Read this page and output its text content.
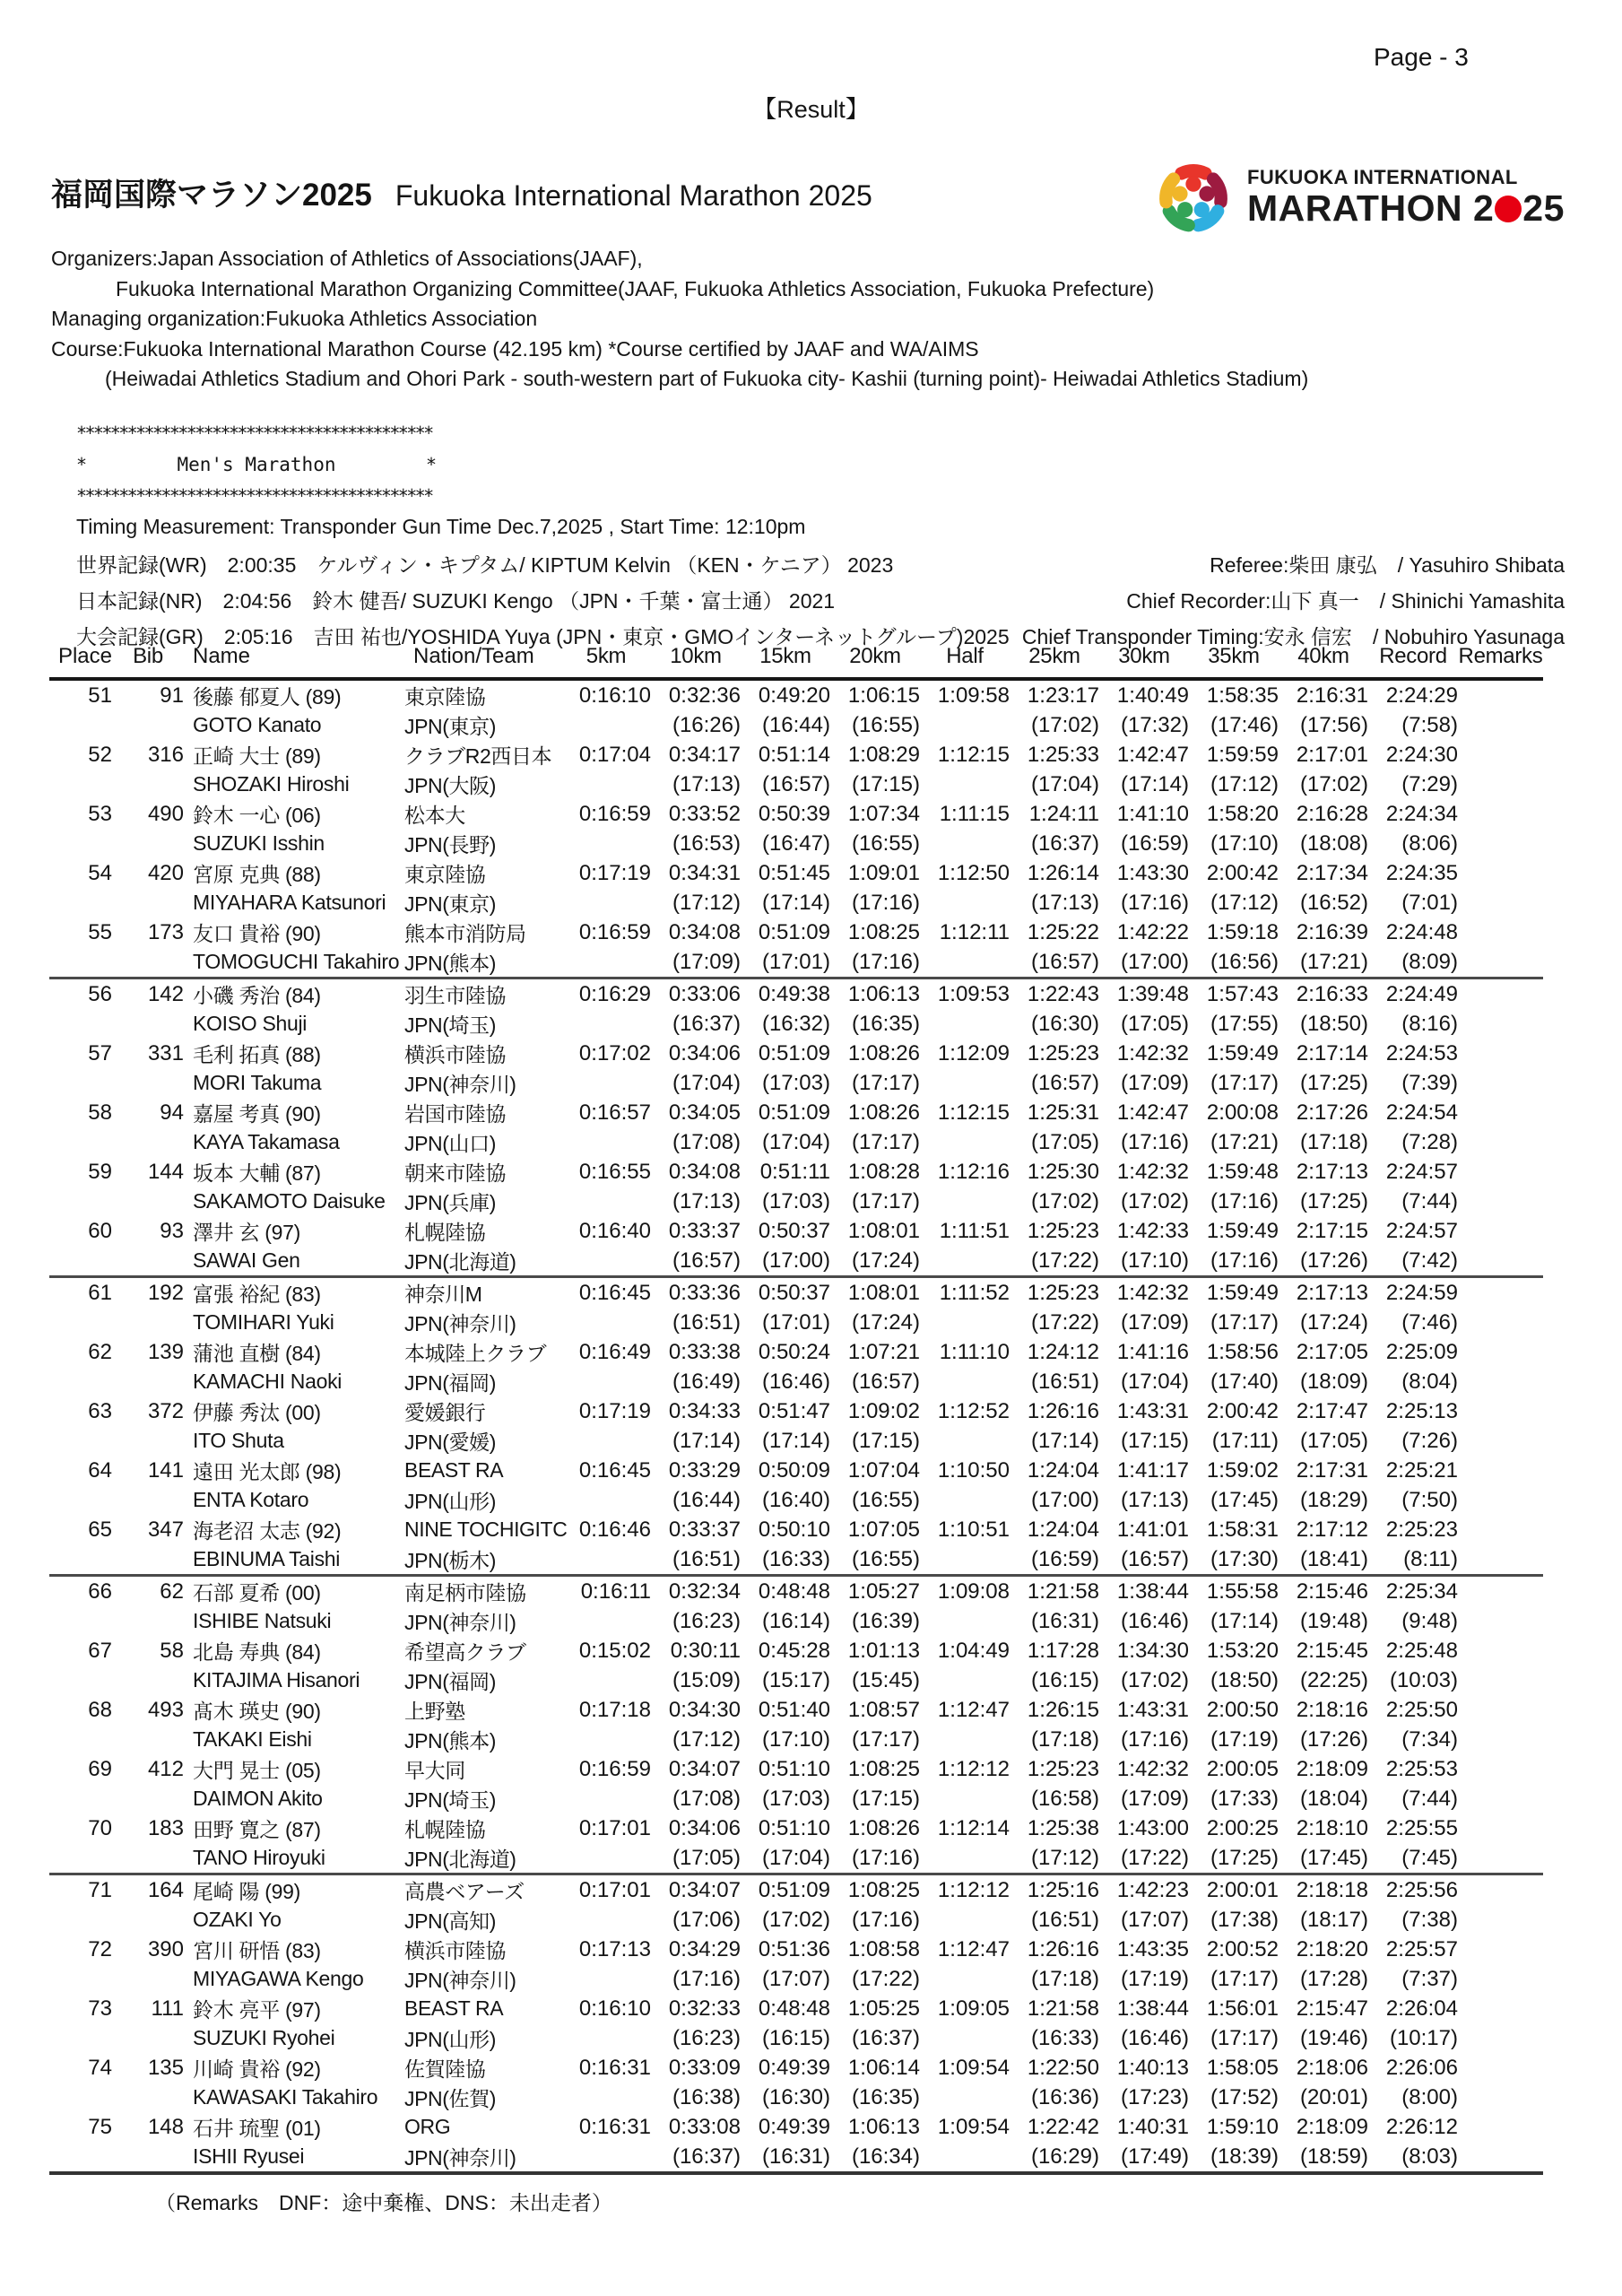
Page - 3
【Result】
福岡国際マラソン2025 Fukuoka International Marathon 2025
FUKUOKA INTERNATIONAL
MARATHON 2 25
Organizers:Japan Association of Athletics of Associations(JAAF),
Fukuoka International Marathon Organizing Committee(JAAF, Fukuoka Athletics Association, Fukuoka Prefecture)
Managing organization:Fukuoka Athletics Association
Course:Fukuoka International Marathon Course (42.195 km) *Course certified by JAAF and WA/AIMS
(Heiwadai Athletics Stadium and Ohori Park - south-western part of Fukuoka city- Kashii (turning point)- Heiwadai Athletics Stadium)
******************************************
*	Men's Marathon	*
******************************************
Timing Measurement: Transponder Gun Time Dec.7,2025 , Start Time: 12:10pm
世界記録(WR)　2:00:35　ケルヴィン・キプタム/ KIPTUM Kelvin （KEN・ケニア） 2023	Referee:柴田 康弘　/ Yasuhiro Shibata
日本記録(NR)　2:04:56　鈴木 健吾/ SUZUKI Kengo （JPN・千葉・富士通） 2021	Chief Recorder:山下 真一　/ Shinichi Yamashita
大会記録(GR)　2:05:16　吉田 祐也/YOSHIDA Yuya (JPN・東京・GMOインターネットグループ)2025 Chief Transponder Timing:安永 信宏　/ Nobuhiro Yasunaga
Place	Bib	Name	Nation/Team	5km	10km	15km	20km	Half	25km	30km	35km	40km	Record	Remarks
51	91	後藤 郁夏人 (89)	東京陸協	0:16:10	0:32:36	0:49:20	1:06:15	1:09:58	1:23:17	1:40:49	1:58:35	2:16:31	2:24:29	
		GOTO Kanato	JPN(東京)		(16:26)	(16:44)	(16:55)		(17:02)	(17:32)	(17:46)	(17:56)	(7:58)	
52	316	正崎 大士 (89)	クラブR2西日本	0:17:04	0:34:17	0:51:14	1:08:29	1:12:15	1:25:33	1:42:47	1:59:59	2:17:01	2:24:30	
		SHOZAKI Hiroshi	JPN(大阪)		(17:13)	(16:57)	(17:15)		(17:04)	(17:14)	(17:12)	(17:02)	(7:29)	
53	490	鈴木 一心 (06)	松本大	0:16:59	0:33:52	0:50:39	1:07:34	1:11:15	1:24:11	1:41:10	1:58:20	2:16:28	2:24:34	
		SUZUKI Isshin	JPN(長野)		(16:53)	(16:47)	(16:55)		(16:37)	(16:59)	(17:10)	(18:08)	(8:06)	
54	420	宮原 克典 (88)	東京陸協	0:17:19	0:34:31	0:51:45	1:09:01	1:12:50	1:26:14	1:43:30	2:00:42	2:17:34	2:24:35	
		MIYAHARA Katsunori	JPN(東京)		(17:12)	(17:14)	(17:16)		(17:13)	(17:16)	(17:12)	(16:52)	(7:01)	
55	173	友口 貴裕 (90)	熊本市消防局	0:16:59	0:34:08	0:51:09	1:08:25	1:12:11	1:25:22	1:42:22	1:59:18	2:16:39	2:24:48	
		TOMOGUCHI Takahiro	JPN(熊本)		(17:09)	(17:01)	(17:16)		(16:57)	(17:00)	(16:56)	(17:21)	(8:09)	
56	142	小磯 秀治 (84)	羽生市陸協	0:16:29	0:33:06	0:49:38	1:06:13	1:09:53	1:22:43	1:39:48	1:57:43	2:16:33	2:24:49	
		KOISO Shuji	JPN(埼玉)		(16:37)	(16:32)	(16:35)		(16:30)	(17:05)	(17:55)	(18:50)	(8:16)	
57	331	毛利 拓真 (88)	横浜市陸協	0:17:02	0:34:06	0:51:09	1:08:26	1:12:09	1:25:23	1:42:32	1:59:49	2:17:14	2:24:53	
		MORI Takuma	JPN(神奈川)		(17:04)	(17:03)	(17:17)		(16:57)	(17:09)	(17:17)	(17:25)	(7:39)	
58	94	嘉屋 考真 (90)	岩国市陸協	0:16:57	0:34:05	0:51:09	1:08:26	1:12:15	1:25:31	1:42:47	2:00:08	2:17:26	2:24:54	
		KAYA Takamasa	JPN(山口)		(17:08)	(17:04)	(17:17)		(17:05)	(17:16)	(17:21)	(17:18)	(7:28)	
59	144	坂本 大輔 (87)	朝来市陸協	0:16:55	0:34:08	0:51:11	1:08:28	1:12:16	1:25:30	1:42:32	1:59:48	2:17:13	2:24:57	
		SAKAMOTO Daisuke	JPN(兵庫)		(17:13)	(17:03)	(17:17)		(17:02)	(17:02)	(17:16)	(17:25)	(7:44)	
60	93	澤井 玄 (97)	札幌陸協	0:16:40	0:33:37	0:50:37	1:08:01	1:11:51	1:25:23	1:42:33	1:59:49	2:17:15	2:24:57	
		SAWAI Gen	JPN(北海道)		(16:57)	(17:00)	(17:24)		(17:22)	(17:10)	(17:16)	(17:26)	(7:42)	
61	192	富張 裕紀 (83)	神奈川M	0:16:45	0:33:36	0:50:37	1:08:01	1:11:52	1:25:23	1:42:32	1:59:49	2:17:13	2:24:59	
		TOMIHARI Yuki	JPN(神奈川)		(16:51)	(17:01)	(17:24)		(17:22)	(17:09)	(17:17)	(17:24)	(7:46)	
62	139	蒲池 直樹 (84)	本城陸上クラブ	0:16:49	0:33:38	0:50:24	1:07:21	1:11:10	1:24:12	1:41:16	1:58:56	2:17:05	2:25:09	
		KAMACHI Naoki	JPN(福岡)		(16:49)	(16:46)	(16:57)		(16:51)	(17:04)	(17:40)	(18:09)	(8:04)	
63	372	伊藤 秀汰 (00)	愛媛銀行	0:17:19	0:34:33	0:51:47	1:09:02	1:12:52	1:26:16	1:43:31	2:00:42	2:17:47	2:25:13	
		ITO Shuta	JPN(愛媛)		(17:14)	(17:14)	(17:15)		(17:14)	(17:15)	(17:11)	(17:05)	(7:26)	
64	141	遠田 光太郎 (98)	BEAST RA	0:16:45	0:33:29	0:50:09	1:07:04	1:10:50	1:24:04	1:41:17	1:59:02	2:17:31	2:25:21	
		ENTA Kotaro	JPN(山形)		(16:44)	(16:40)	(16:55)		(17:00)	(17:13)	(17:45)	(18:29)	(7:50)	
65	347	海老沼 太志 (92)	NINE TOCHIGITC	0:16:46	0:33:37	0:50:10	1:07:05	1:10:51	1:24:04	1:41:01	1:58:31	2:17:12	2:25:23	
		EBINUMA Taishi	JPN(栃木)		(16:51)	(16:33)	(16:55)		(16:59)	(16:57)	(17:30)	(18:41)	(8:11)	
66	62	石部 夏希 (00)	南足柄市陸協	0:16:11	0:32:34	0:48:48	1:05:27	1:09:08	1:21:58	1:38:44	1:55:58	2:15:46	2:25:34	
		ISHIBE Natsuki	JPN(神奈川)		(16:23)	(16:14)	(16:39)		(16:31)	(16:46)	(17:14)	(19:48)	(9:48)	
67	58	北島 寿典 (84)	希望高クラブ	0:15:02	0:30:11	0:45:28	1:01:13	1:04:49	1:17:28	1:34:30	1:53:20	2:15:45	2:25:48	
		KITAJIMA Hisanori	JPN(福岡)		(15:09)	(15:17)	(15:45)		(16:15)	(17:02)	(18:50)	(22:25)	(10:03)	
68	493	髙木 瑛史 (90)	上野塾	0:17:18	0:34:30	0:51:40	1:08:57	1:12:47	1:26:15	1:43:31	2:00:50	2:18:16	2:25:50	
		TAKAKI Eishi	JPN(熊本)		(17:12)	(17:10)	(17:17)		(17:18)	(17:16)	(17:19)	(17:26)	(7:34)	
69	412	大門 晃士 (05)	早大同	0:16:59	0:34:07	0:51:10	1:08:25	1:12:12	1:25:23	1:42:32	2:00:05	2:18:09	2:25:53	
		DAIMON Akito	JPN(埼玉)		(17:08)	(17:03)	(17:15)		(16:58)	(17:09)	(17:33)	(18:04)	(7:44)	
70	183	田野 寛之 (87)	札幌陸協	0:17:01	0:34:06	0:51:10	1:08:26	1:12:14	1:25:38	1:43:00	2:00:25	2:18:10	2:25:55	
		TANO Hiroyuki	JPN(北海道)		(17:05)	(17:04)	(17:16)		(17:12)	(17:22)	(17:25)	(17:45)	(7:45)	
71	164	尾崎 陽 (99)	高農ベアーズ	0:17:01	0:34:07	0:51:09	1:08:25	1:12:12	1:25:16	1:42:23	2:00:01	2:18:18	2:25:56	
		OZAKI Yo	JPN(高知)		(17:06)	(17:02)	(17:16)		(16:51)	(17:07)	(17:38)	(18:17)	(7:38)	
72	390	宮川 研悟 (83)	横浜市陸協	0:17:13	0:34:29	0:51:36	1:08:58	1:12:47	1:26:16	1:43:35	2:00:52	2:18:20	2:25:57	
		MIYAGAWA Kengo	JPN(神奈川)		(17:16)	(17:07)	(17:22)		(17:18)	(17:19)	(17:17)	(17:28)	(7:37)	
73	111	鈴木 亮平 (97)	BEAST RA	0:16:10	0:32:33	0:48:48	1:05:25	1:09:05	1:21:58	1:38:44	1:56:01	2:15:47	2:26:04	
		SUZUKI Ryohei	JPN(山形)		(16:23)	(16:15)	(16:37)		(16:33)	(16:46)	(17:17)	(19:46)	(10:17)	
74	135	川崎 貴裕 (92)	佐賀陸協	0:16:31	0:33:09	0:49:39	1:06:14	1:09:54	1:22:50	1:40:13	1:58:05	2:18:06	2:26:06	
		KAWASAKI Takahiro	JPN(佐賀)		(16:38)	(16:30)	(16:35)		(16:36)	(17:23)	(17:52)	(20:01)	(8:00)	
75	148	石井 琉聖 (01)	ORG	0:16:31	0:33:08	0:49:39	1:06:13	1:09:54	1:22:42	1:40:31	1:59:10	2:18:09	2:26:12	
		ISHII Ryusei	JPN(神奈川)		(16:37)	(16:31)	(16:34)		(16:29)	(17:49)	(18:39)	(18:59)	(8:03)	
（Remarks　DNF：途中棄権、DNS：未出走者）
